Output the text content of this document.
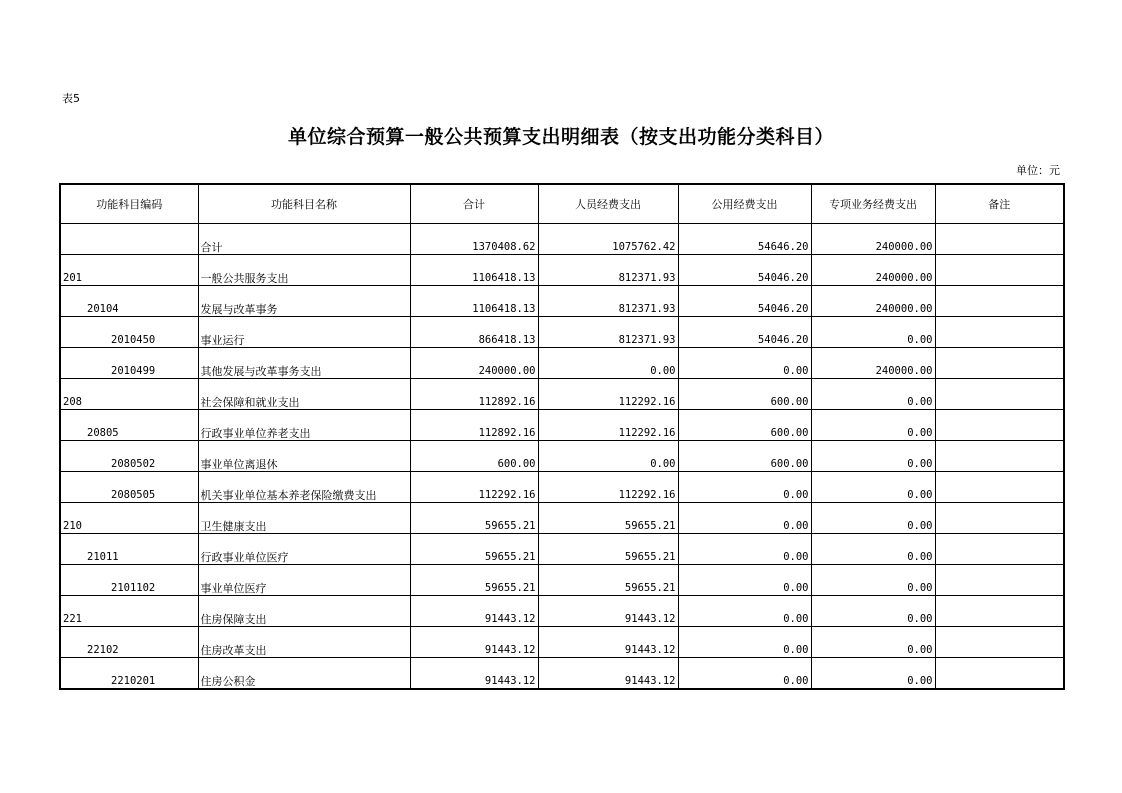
表5
单位综合预算一般公共预算支出明细表（按支出功能分类科目）
单位：元
功能科目编码	功能科目名称	合计	人员经费支出	公用经费支出	专项业务经费支出	备注
	合计	1370408.62	1075762.42	54646.20	240000.00	
201	一般公共服务支出	1106418.13	812371.93	54046.20	240000.00	
20104	发展与改革事务	1106418.13	812371.93	54046.20	240000.00	
2010450	事业运行	866418.13	812371.93	54046.20	0.00	
2010499	其他发展与改革事务支出	240000.00	0.00	0.00	240000.00	
208	社会保障和就业支出	112892.16	112292.16	600.00	0.00	
20805	行政事业单位养老支出	112892.16	112292.16	600.00	0.00	
2080502	事业单位离退休	600.00	0.00	600.00	0.00	
2080505	机关事业单位基本养老保险缴费支出	112292.16	112292.16	0.00	0.00	
210	卫生健康支出	59655.21	59655.21	0.00	0.00	
21011	行政事业单位医疗	59655.21	59655.21	0.00	0.00	
2101102	事业单位医疗	59655.21	59655.21	0.00	0.00	
221	住房保障支出	91443.12	91443.12	0.00	0.00	
22102	住房改革支出	91443.12	91443.12	0.00	0.00	
2210201	住房公积金	91443.12	91443.12	0.00	0.00	
